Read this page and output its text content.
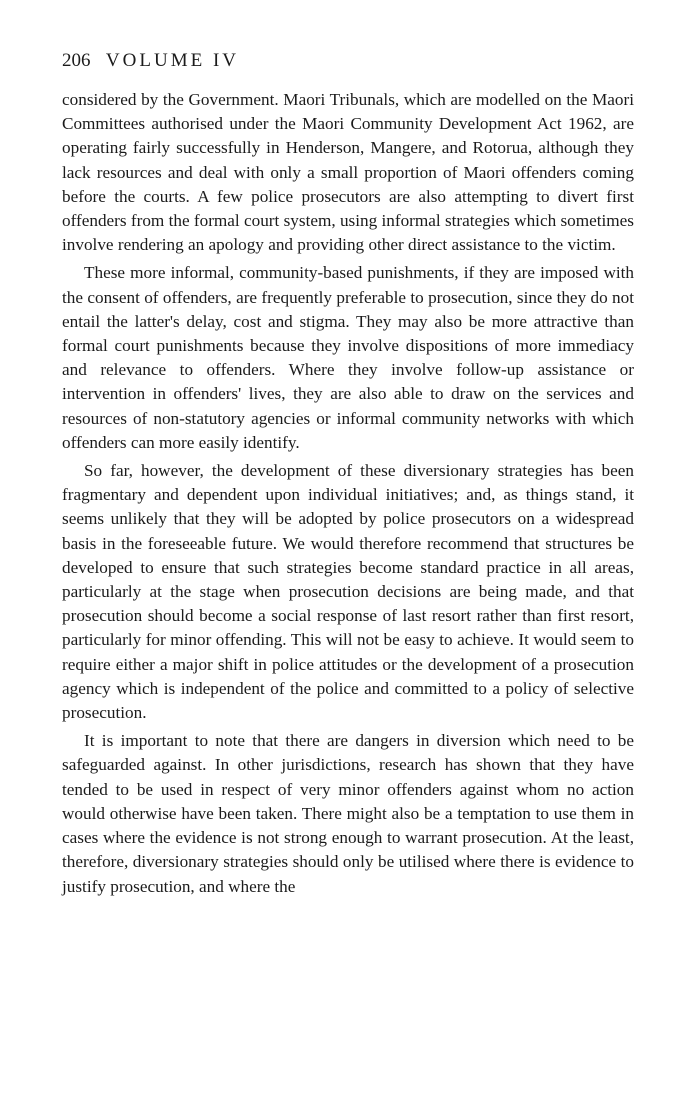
206 VOLUME IV

considered by the Government. Maori Tribunals, which are modelled on the Maori Committees authorised under the Maori Community Development Act 1962, are operating fairly successfully in Henderson, Mangere, and Rotorua, although they lack resources and deal with only a small proportion of Maori offenders coming before the courts. A few police prosecutors are also attempting to divert first offenders from the formal court system, using informal strategies which sometimes involve rendering an apology and providing other direct assistance to the victim.

These more informal, community-based punishments, if they are imposed with the consent of offenders, are frequently preferable to prosecution, since they do not entail the latter's delay, cost and stigma. They may also be more attractive than formal court punishments because they involve dispositions of more immediacy and relevance to offenders. Where they involve follow-up assistance or intervention in offenders' lives, they are also able to draw on the services and resources of non-statutory agencies or informal community networks with which offenders can more easily identify.

So far, however, the development of these diversionary strategies has been fragmentary and dependent upon individual initiatives; and, as things stand, it seems unlikely that they will be adopted by police prosecutors on a widespread basis in the foreseeable future. We would therefore recommend that structures be developed to ensure that such strategies become standard practice in all areas, particularly at the stage when prosecution decisions are being made, and that prosecution should become a social response of last resort rather than first resort, particularly for minor offending. This will not be easy to achieve. It would seem to require either a major shift in police attitudes or the development of a prosecution agency which is independent of the police and committed to a policy of selective prosecution.

It is important to note that there are dangers in diversion which need to be safeguarded against. In other jurisdictions, research has shown that they have tended to be used in respect of very minor offenders against whom no action would otherwise have been taken. There might also be a temptation to use them in cases where the evidence is not strong enough to warrant prosecution. At the least, therefore, diversionary strategies should only be utilised where there is evidence to justify prosecution, and where the
